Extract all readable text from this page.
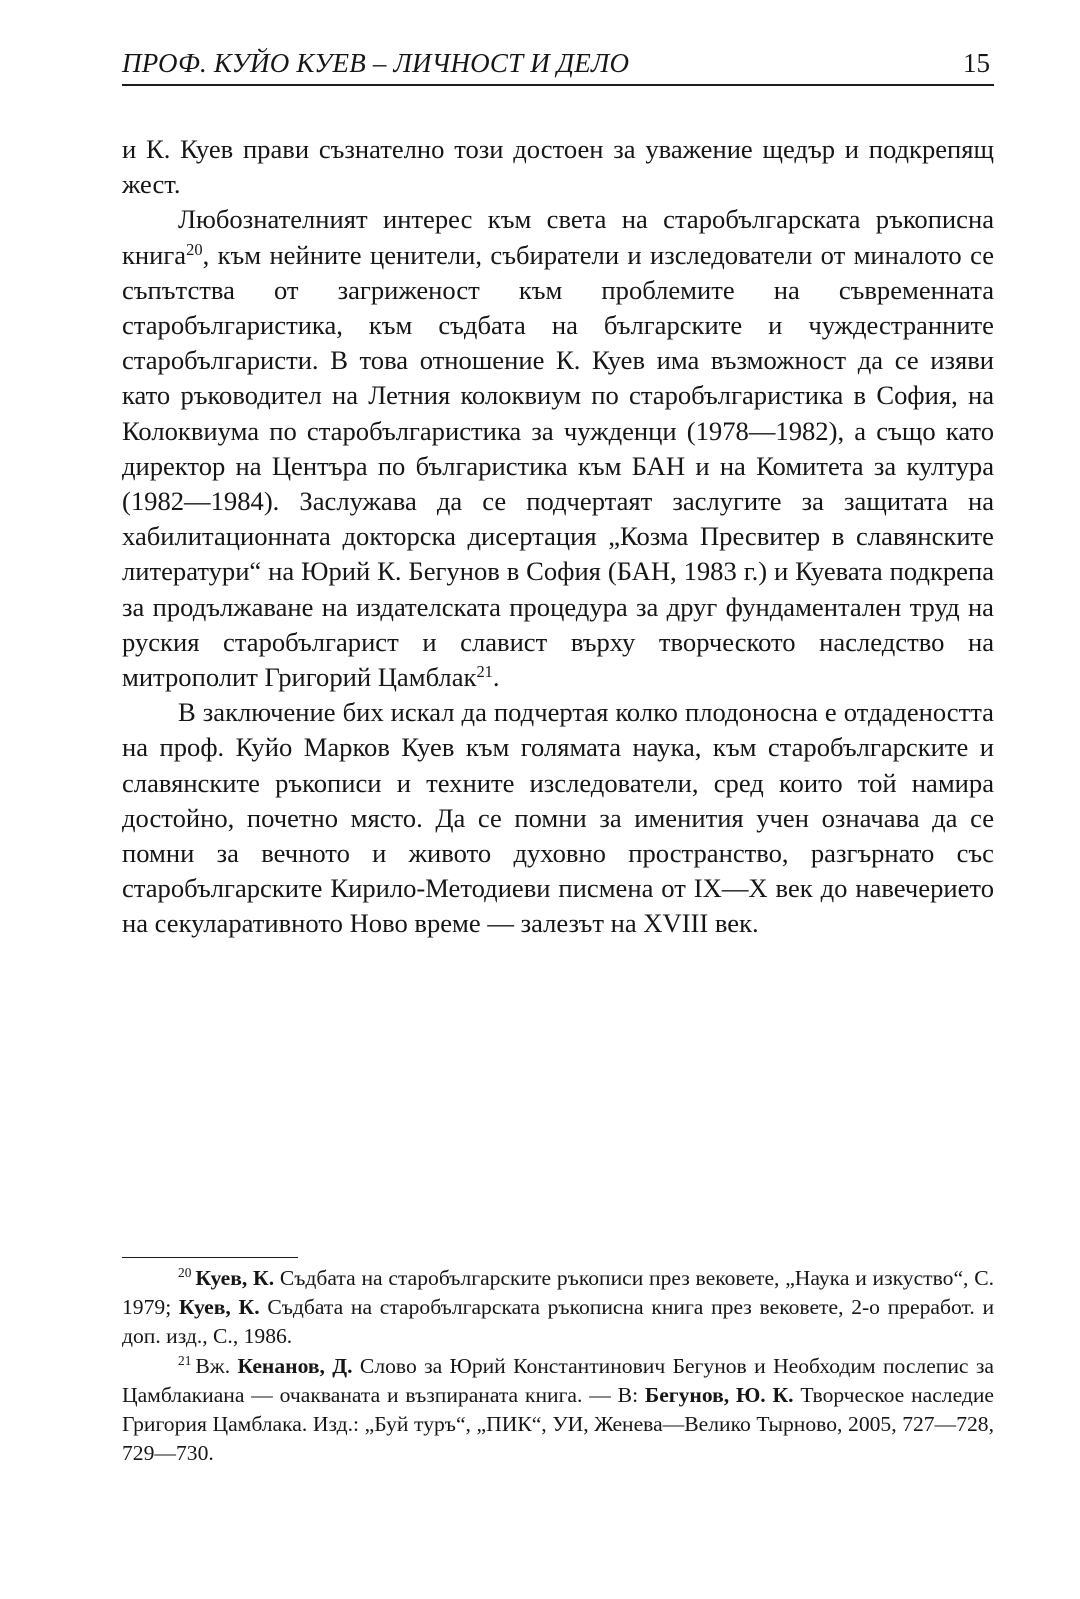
ПРОФ. КУЙО КУЕВ – ЛИЧНОСТ И ДЕЛО	15

и К. Куев прави съзнателно този достоен за уважение щедър и подкрепящ жест.

Любознателният интерес към света на старобългарската ръкописна книга$^{20}$, към нейните ценители, събиратели и изследователи от миналото се съпътства от загриженост към проблемите на съвременната старобългаристика, към съдбата на българските и чуждестранните старобългаристи. В това отношение К. Куев има възможност да се изяви като ръководител на Летния колоквиум по старобългаристика в София, на Колоквиума по старобългаристика за чужденци (1978—1982), а също като директор на Центъра по българистика към БАН и на Комитета за култура (1982—1984). Заслужава да се подчертаят заслугите за защитата на хабилитационната докторска дисертация „Козма Пресвитер в славянските литератури“ на Юрий К. Бегунов в София (БАН, 1983 г.) и Куевата подкрепа за продължаване на издателската процедура за друг фундаментален труд на руския старобългарист и славист върху творческото наследство на митрополит Григорий Цамблак$^{21}$.

В заключение бих искал да подчертая колко плодоносна е отдадеността на проф. Куйо Марков Куев към голямата наука, към старобългарските и славянските ръкописи и техните изследователи, сред които той намира достойно, почетно място. Да се помни за именития учен означава да се помни за вечното и живото духовно пространство, разгърнато със старобългарските Кирило-Методиеви писмена от IX—X век до навечерието на секуларативното Ново време — залезът на XVIII век.

$^{20}$ Куев, К. Съдбата на старобългарските ръкописи през вековете, „Наука и изкуство“, С. 1979; Куев, К. Съдбата на старобългарската ръкописна книга през вековете, 2-о преработ. и доп. изд., С., 1986.

$^{21}$ Вж. Кенанов, Д. Слово за Юрий Константинович Бегунов и Необходим послепис за Цамблакиана — очакваната и възпираната книга. — В: Бегунов, Ю. К. Творческое наследие Григория Цамблака. Изд.: „Буй туръ“, „ПИК“, УИ, Женева—Велико Тырново, 2005, 727—728, 729—730.
